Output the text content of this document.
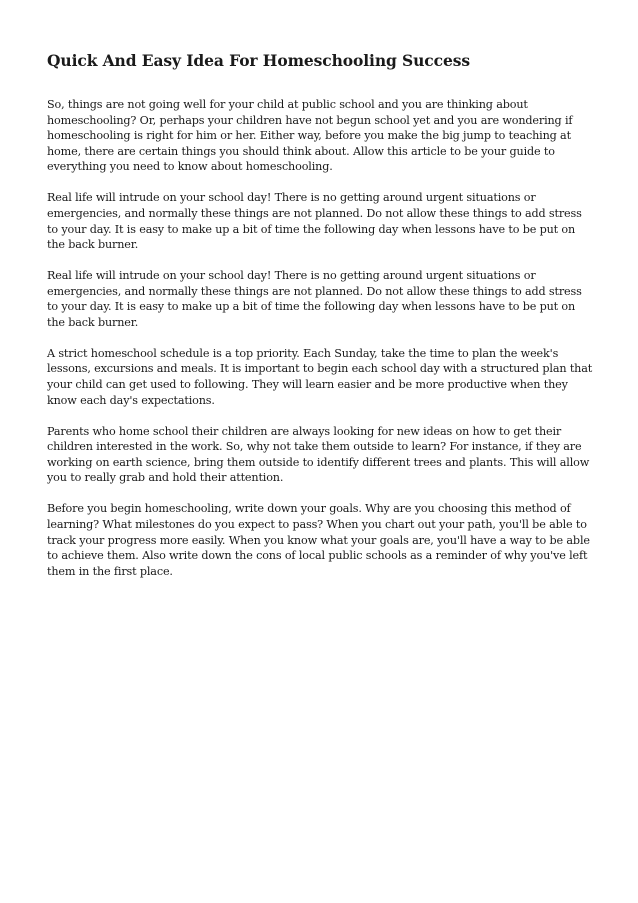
Quick And Easy Idea For Homeschooling Success

So, things are not going well for your child at public school and you are thinking about homeschooling? Or, perhaps your children have not begun school yet and you are wondering if homeschooling is right for him or her. Either way, before you make the big jump to teaching at home, there are certain things you should think about. Allow this article to be your guide to everything you need to know about homeschooling.

Real life will intrude on your school day! There is no getting around urgent situations or emergencies, and normally these things are not planned. Do not allow these things to add stress to your day. It is easy to make up a bit of time the following day when lessons have to be put on the back burner.

Real life will intrude on your school day! There is no getting around urgent situations or emergencies, and normally these things are not planned. Do not allow these things to add stress to your day. It is easy to make up a bit of time the following day when lessons have to be put on the back burner.

A strict homeschool schedule is a top priority. Each Sunday, take the time to plan the week's lessons, excursions and meals. It is important to begin each school day with a structured plan that your child can get used to following. They will learn easier and be more productive when they know each day's expectations.

Parents who home school their children are always looking for new ideas on how to get their children interested in the work. So, why not take them outside to learn? For instance, if they are working on earth science, bring them outside to identify different trees and plants. This will allow you to really grab and hold their attention.

Before you begin homeschooling, write down your goals. Why are you choosing this method of learning? What milestones do you expect to pass? When you chart out your path, you'll be able to track your progress more easily. When you know what your goals are, you'll have a way to be able to achieve them. Also write down the cons of local public schools as a reminder of why you've left them in the first place.
